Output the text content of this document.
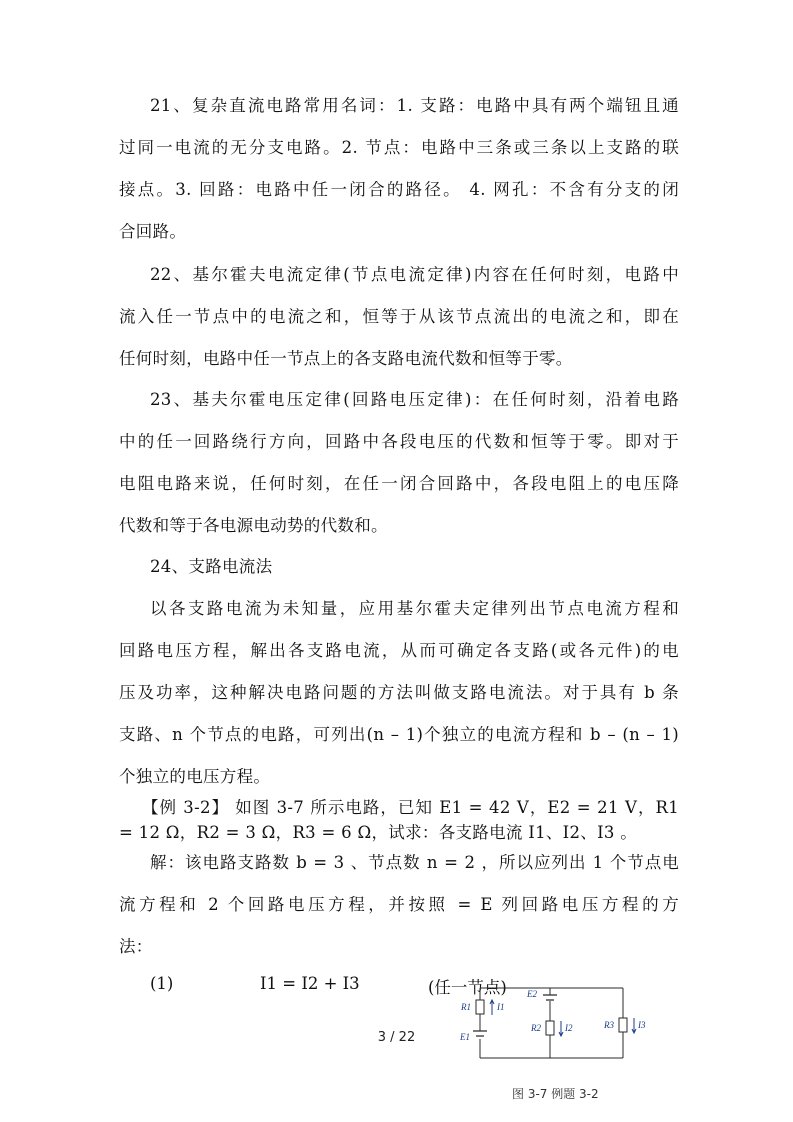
21、复杂直流电路常用名词：1. 支路：电路中具有两个端钮且通
过同一电流的无分支电路。2. 节点：电路中三条或三条以上支路的联
接点。3. 回路：电路中任一闭合的路径。 4. 网孔：不含有分支的闭
合回路。
22、基尔霍夫电流定律(节点电流定律)内容在任何时刻，电路中
流入任一节点中的电流之和，恒等于从该节点流出的电流之和，即在
任何时刻，电路中任一节点上的各支路电流代数和恒等于零。
23、基夫尔霍电压定律(回路电压定律)：在任何时刻，沿着电路
中的任一回路绕行方向，回路中各段电压的代数和恒等于零。即对于
电阻电路来说，任何时刻，在任一闭合回路中，各段电阻上的电压降
代数和等于各电源电动势的代数和。
24、支路电流法
以各支路电流为未知量，应用基尔霍夫定律列出节点电流方程和
回路电压方程，解出各支路电流，从而可确定各支路(或各元件)的电
压及功率，这种解决电路问题的方法叫做支路电流法。对于具有 b 条
支路、n 个节点的电路，可列出(n – 1)个独立的电流方程和 b – (n – 1)
个独立的电压方程。
【例 3-2】 如图 3-7 所示电路，已知 E1 = 42 V，E2 = 21 V，R1
= 12 Ω，R2 = 3 Ω，R3 = 6 Ω，试求：各支路电流 I1、I2、I3 。
解：该电路支路数 b = 3 、节点数 n = 2 ，所以应列出 1 个节点电
流方程和 2 个回路电压方程，并按照 = E 列回路电压方程的方
法：
(1)	I1 = I2 + I3	(任一节点)
R1	I1
E1
E2
R2	I2	R3	I3
图 3-7 例题 3-2
3 / 22
